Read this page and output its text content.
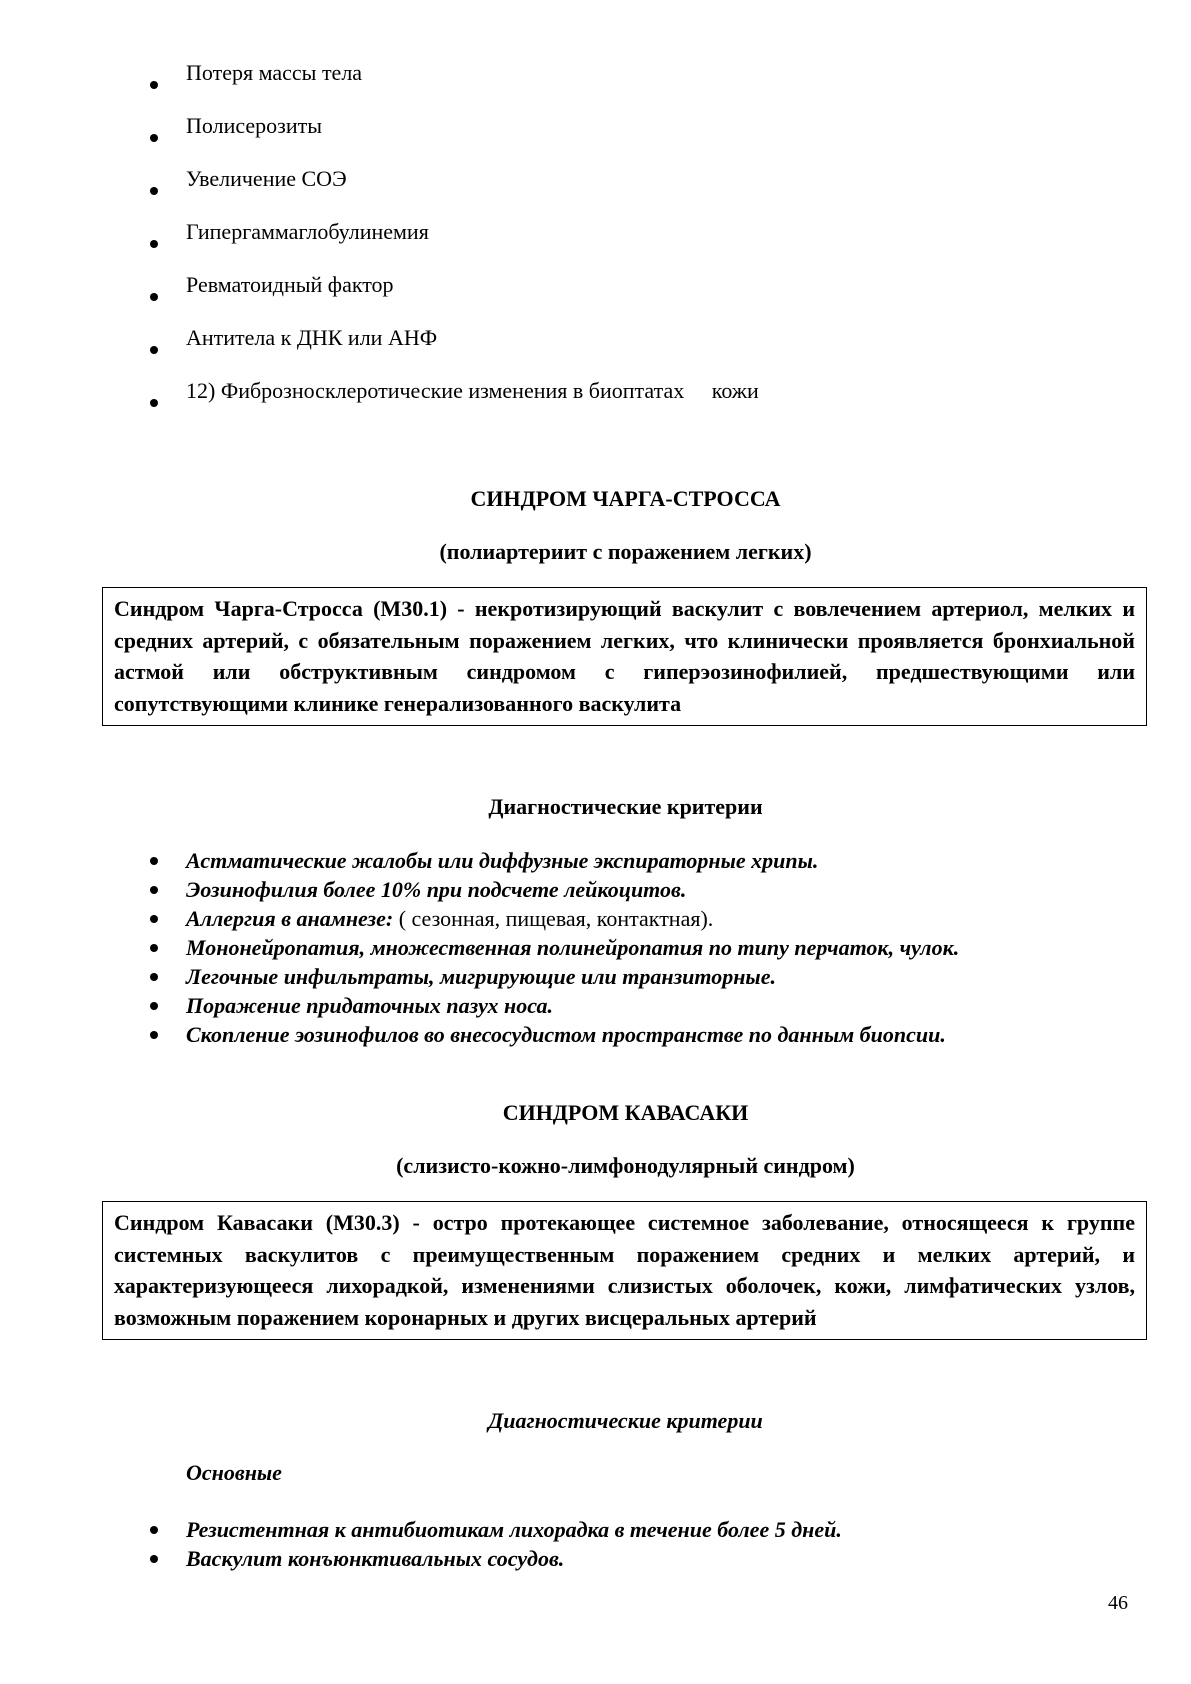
Потеря массы тела
Полисерозиты
Увеличение СОЭ
Гипергаммаглобулинемия
Ревматоидный фактор
Антитела к ДНК или АНФ
12) Фиброзносклеротические изменения в биоптатах     кожи
СИНДРОМ ЧАРГА-СТРОССА
(полиартериит с поражением легких)
Синдром Чарга-Стросса (М30.1) - некротизирующий васкулит с вовлечением артериол, мелких и средних артерий, с обязательным поражением легких, что клинически проявляется бронхиальной астмой или обструктивным синдромом с гиперэозинофилией, предшествующими или сопутствующими клинике генерализованного васкулита
Диагностические критерии
Астматические жалобы или диффузные экспираторные хрипы.
Эозинофилия более 10% при подсчете лейкоцитов.
Аллергия в анамнезе: ( сезонная, пищевая, контактная).
Мононейропатия, множественная полинейропатия по типу перчаток, чулок.
Легочные инфильтраты, мигрирующие или транзиторные.
Поражение придаточных пазух носа.
Скопление эозинофилов во внесосудистом пространстве по данным биопсии.
СИНДРОМ КАВАСАКИ
(слизисто-кожно-лимфонодулярный синдром)
Синдром Кавасаки (М30.3) - остро протекающее системное заболевание, относящееся к группе системных васкулитов с преимущественным поражением средних и мелких артерий, и характеризующееся лихорадкой, изменениями слизистых оболочек, кожи, лимфатических узлов, возможным поражением коронарных и других висцеральных артерий
Диагностические критерии
Основные
Резистентная к антибиотикам лихорадка в течение более 5 дней.
Васкулит конъюнктивальных сосудов.
46
